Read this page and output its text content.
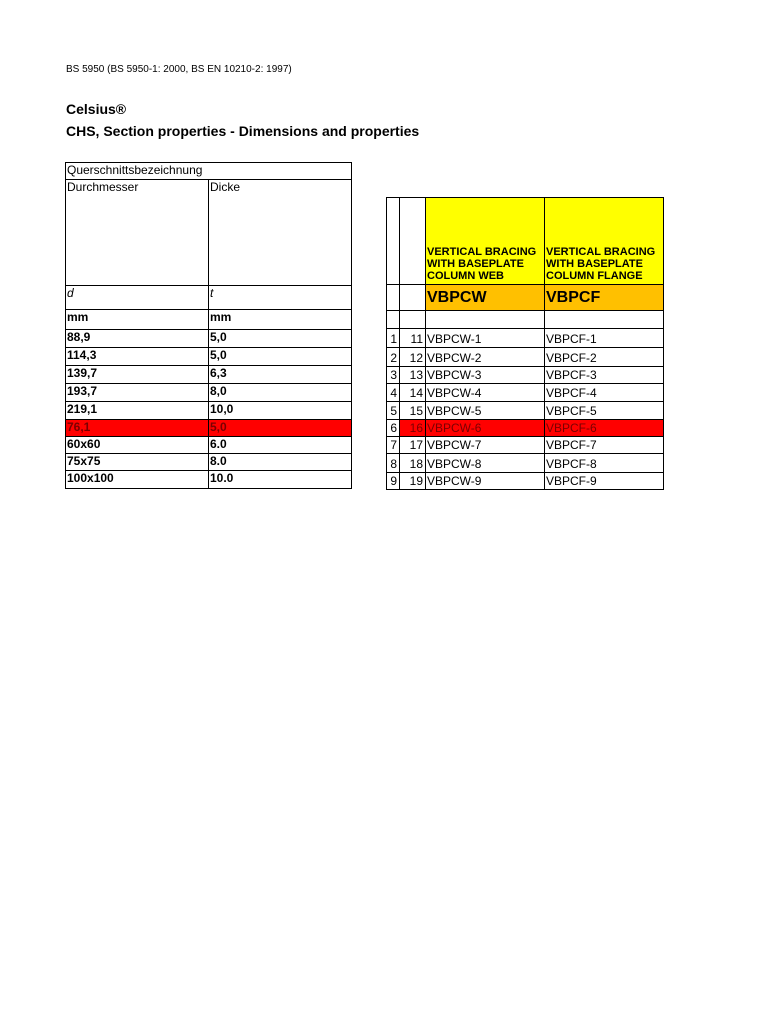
BS 5950 (BS 5950-1: 2000, BS EN 10210-2: 1997)
Celsius®
CHS, Section properties - Dimensions and properties
Querschnittsbezeichnung	
Durchmesser	Dicke
d	t
mm	mm
88,9	5,0
114,3	5,0
139,7	6,3
193,7	8,0
219,1	10,0
76,1	5,0
60x60	6.0
75x75	8.0
100x100	10.0
		VERTICAL BRACING WITH BASEPLATE COLUMN WEB	VERTICAL BRACING WITH BASEPLATE COLUMN FLANGE
		VBPCW	VBPCF

1	11	VBPCW-1	VBPCF-1
2	12	VBPCW-2	VBPCF-2
3	13	VBPCW-3	VBPCF-3
4	14	VBPCW-4	VBPCF-4
5	15	VBPCW-5	VBPCF-5
6	16	VBPCW-6	VBPCF-6
7	17	VBPCW-7	VBPCF-7
8	18	VBPCW-8	VBPCF-8
9	19	VBPCW-9	VBPCF-9
